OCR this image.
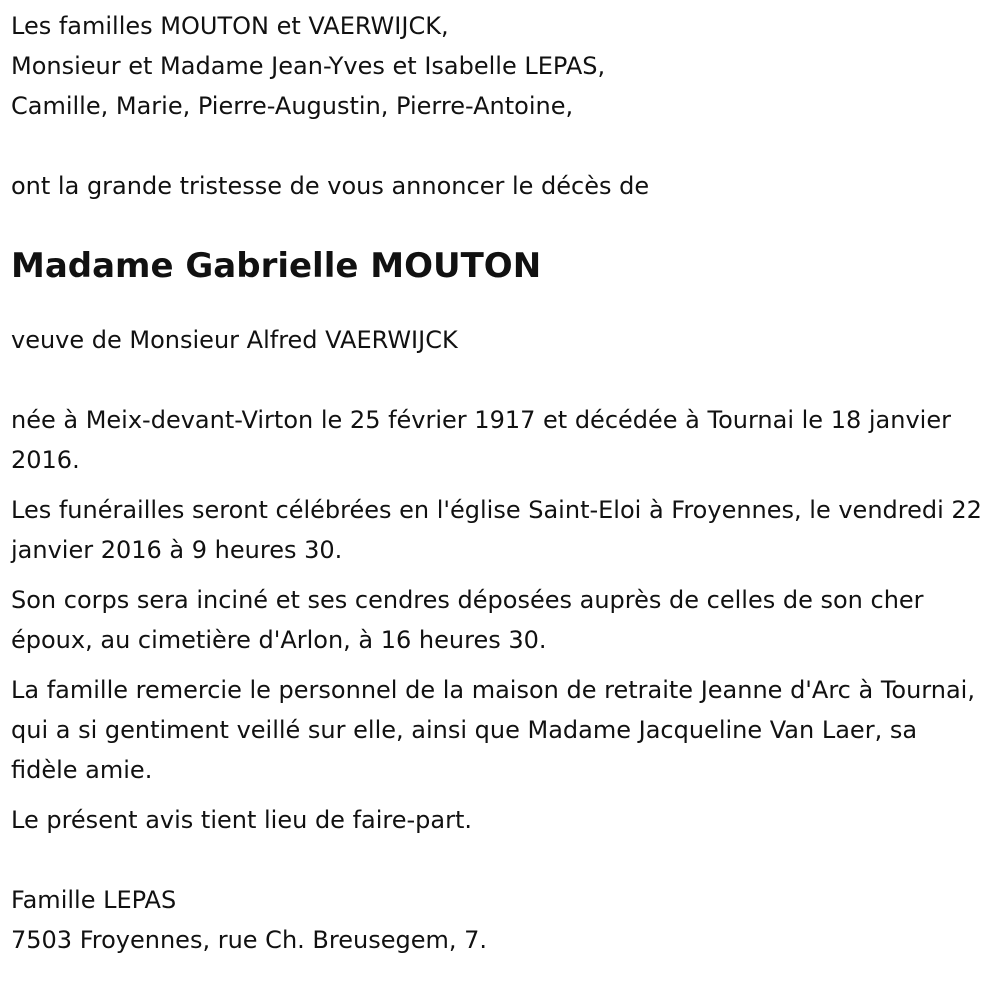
Les familles MOUTON et VAERWIJCK,

Monsieur et Madame Jean-Yves et Isabelle LEPAS,

Camille, Marie, Pierre-Augustin, Pierre-Antoine,

ont la grande tristesse de vous annoncer le décès de

Madame Gabrielle MOUTON

veuve de Monsieur Alfred VAERWIJCK

née à Meix-devant-Virton le 25 février 1917 et décédée à Tournai le 18 janvier 2016.

Les funérailles seront célébrées en l'église Saint-Eloi à Froyennes, le vendredi 22 janvier 2016 à 9 heures 30.

Son corps sera inciné et ses cendres déposées auprès de celles de son cher époux, au cimetière d'Arlon, à 16 heures 30.

La famille remercie le personnel de la maison de retraite Jeanne d'Arc à Tournai, qui a si gentiment veillé sur elle, ainsi que Madame Jacqueline Van Laer, sa fidèle amie.

Le présent avis tient lieu de faire-part.

Famille LEPAS

7503 Froyennes, rue Ch. Breusegem, 7.
